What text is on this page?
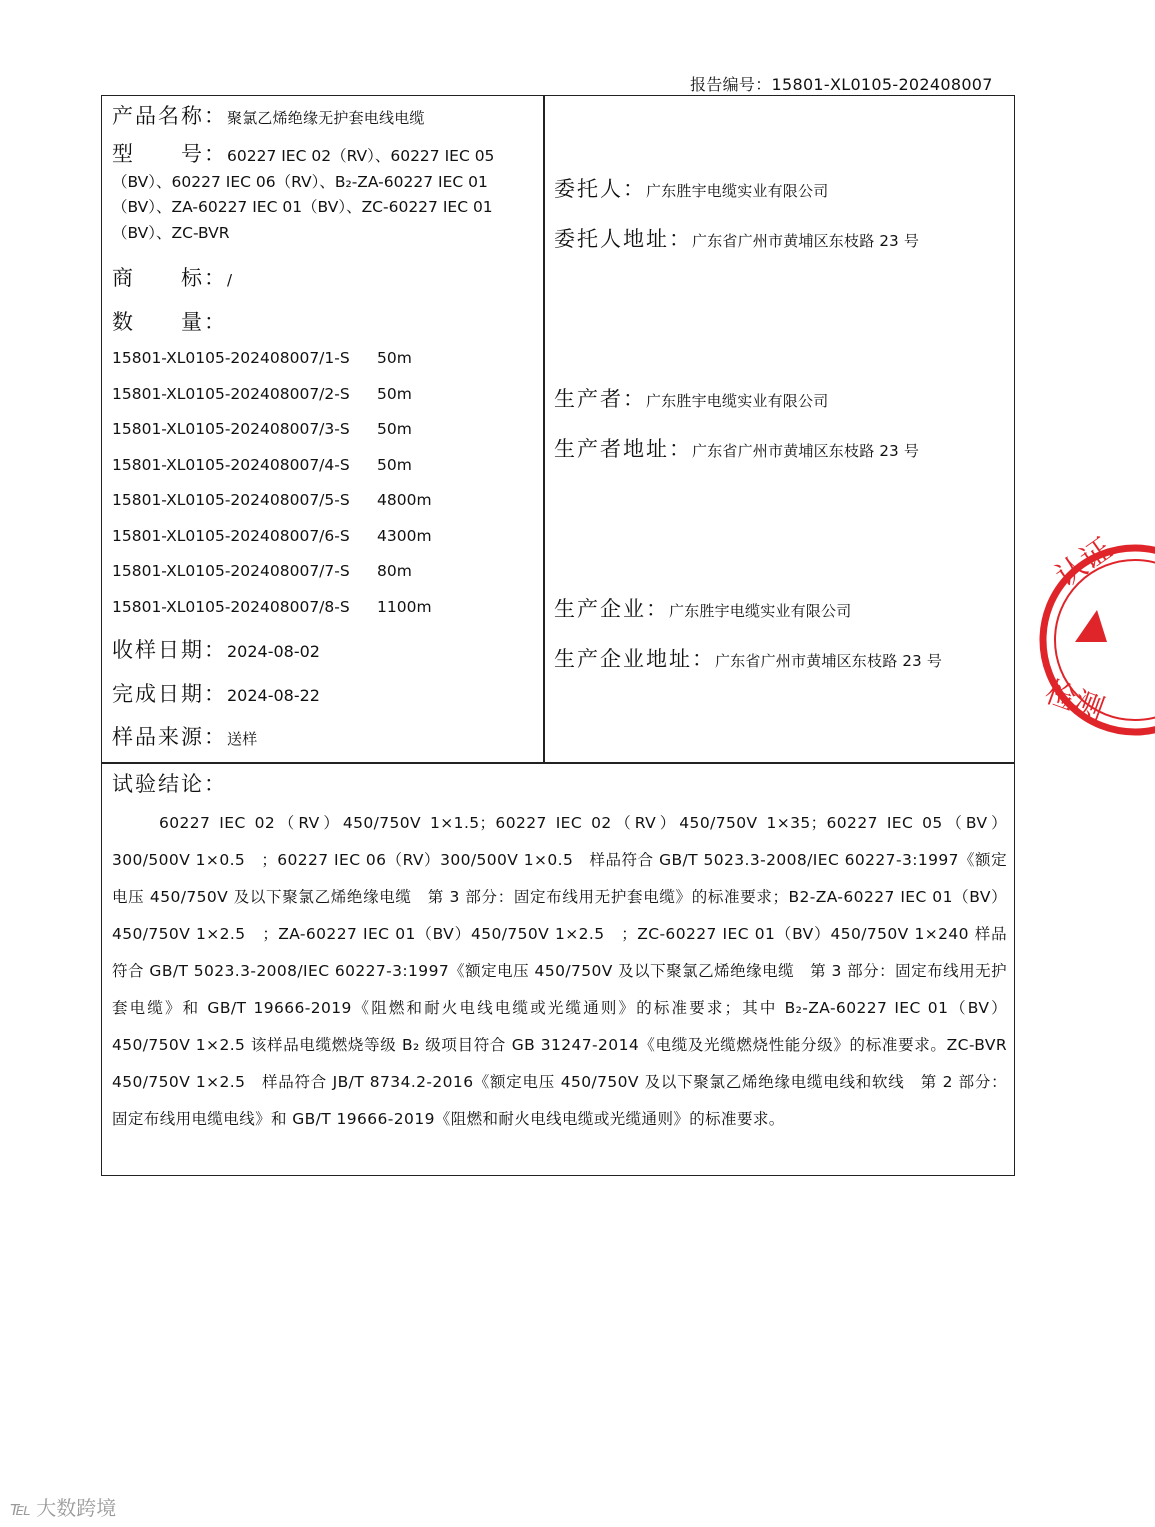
报告编号：15801-XL0105-202408007
产品名称：聚氯乙烯绝缘无护套电线电缆
型　　号：60227 IEC 02（RV）、60227 IEC 05（BV）、60227 IEC 06（RV）、B₂-ZA-60227 IEC 01（BV）、ZA-60227 IEC 01（BV）、ZC-60227 IEC 01（BV）、ZC-BVR
商　　标：/
数　　量：
15801-XL0105-202408007/1-S 50m
15801-XL0105-202408007/2-S 50m
15801-XL0105-202408007/3-S 50m
15801-XL0105-202408007/4-S 50m
15801-XL0105-202408007/5-S 4800m
15801-XL0105-202408007/6-S 4300m
15801-XL0105-202408007/7-S 80m
15801-XL0105-202408007/8-S 1100m
收样日期：2024-08-02
完成日期：2024-08-22
样品来源：送样
委托人：广东胜宇电缆实业有限公司
委托人地址：广东省广州市黄埔区东枝路 23 号
生产者：广东胜宇电缆实业有限公司
生产者地址：广东省广州市黄埔区东枝路 23 号
生产企业：广东胜宇电缆实业有限公司
生产企业地址：广东省广州市黄埔区东枝路 23 号
试验结论：
60227 IEC 02（RV）450/750V 1×1.5；60227 IEC 02（RV）450/750V 1×35；60227 IEC 05（BV）300/500V 1×0.5　；60227 IEC 06（RV）300/500V 1×0.5　样品符合 GB/T 5023.3-2008/IEC 60227-3:1997《额定电压 450/750V 及以下聚氯乙烯绝缘电缆　第 3 部分：固定布线用无护套电缆》的标准要求；B2-ZA-60227 IEC 01（BV）450/750V 1×2.5　；ZA-60227 IEC 01（BV）450/750V 1×2.5　；ZC-60227 IEC 01（BV）450/750V 1×240 样品符合 GB/T 5023.3-2008/IEC 60227-3:1997《额定电压 450/750V 及以下聚氯乙烯绝缘电缆　第 3 部分：固定布线用无护套电缆》和 GB/T 19666-2019《阻燃和耐火电线电缆或光缆通则》的标准要求；其中 B₂-ZA-60227 IEC 01（BV）450/750V 1×2.5 该样品电缆燃烧等级 B₂ 级项目符合 GB 31247-2014《电缆及光缆燃烧性能分级》的标准要求。ZC-BVR 450/750V 1×2.5　样品符合 JB/T 8734.2-2016《额定电压 450/750V 及以下聚氯乙烯绝缘电缆电线和软线　第 2 部分：固定布线用电缆电线》和 GB/T 19666-2019《阻燃和耐火电线电缆或光缆通则》的标准要求。
认证
检测
℡ 大数跨境
